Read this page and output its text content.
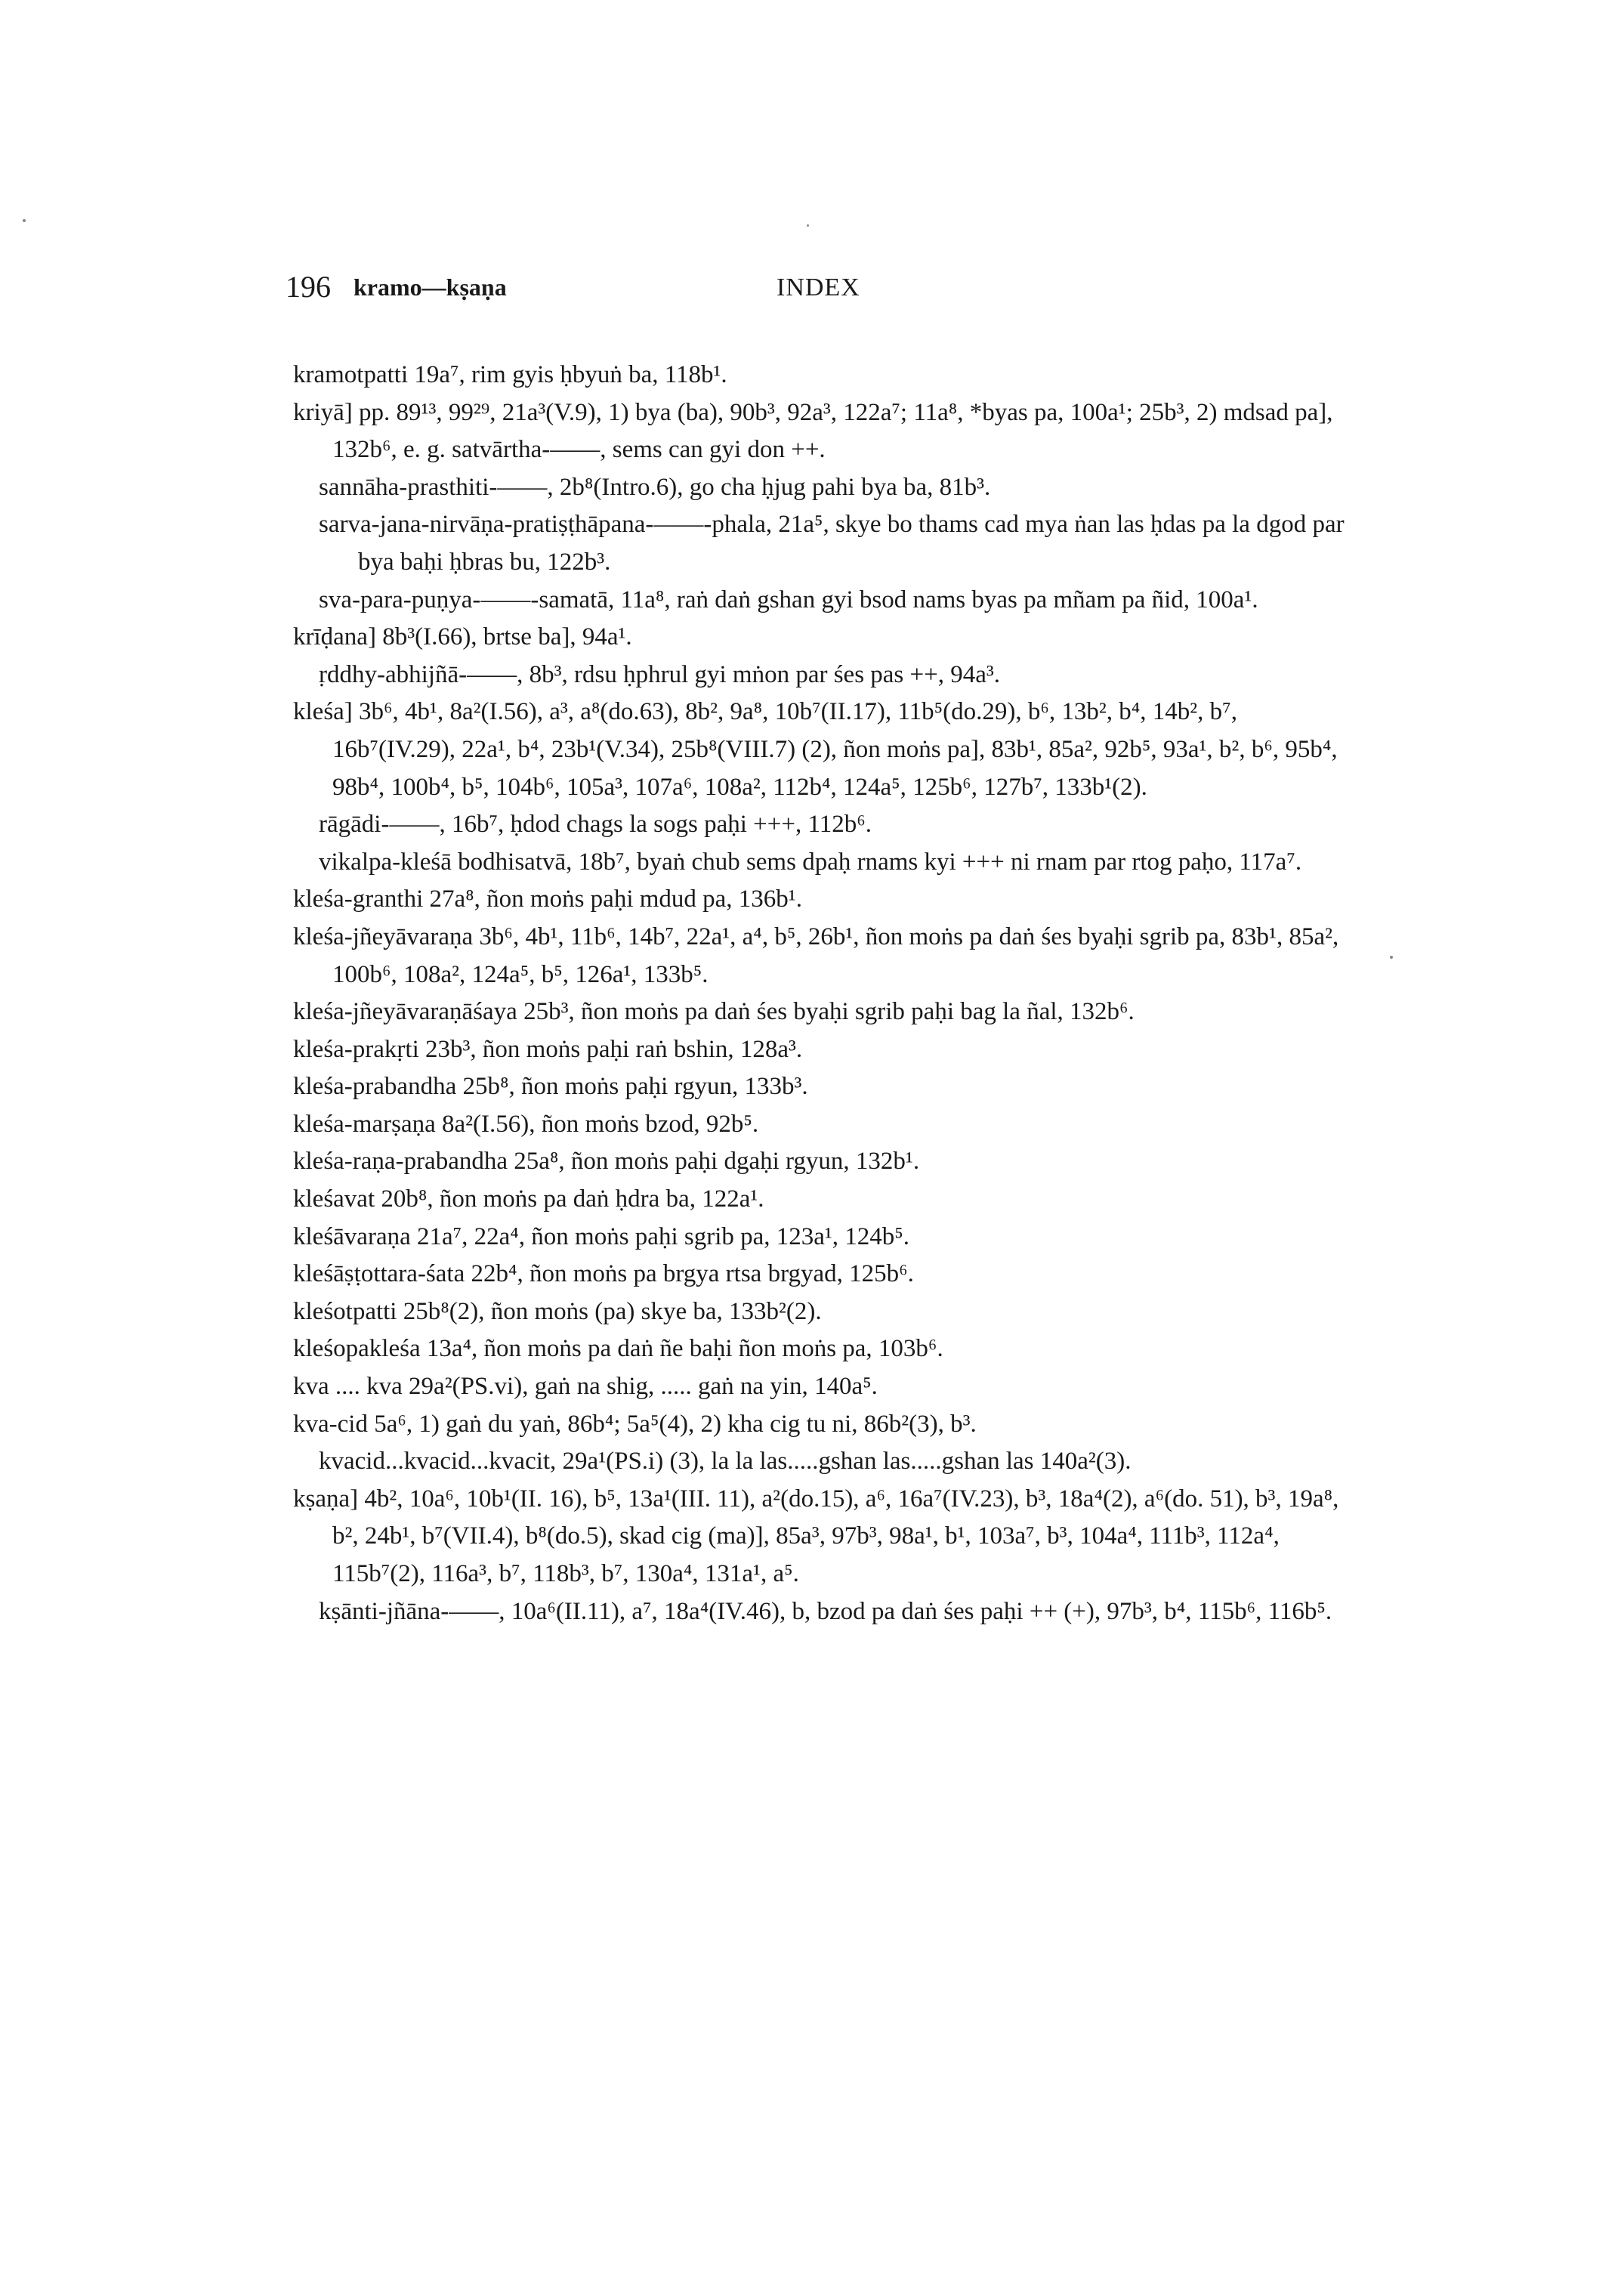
196 kramo—kṣaṇa	INDEX

kramotpatti 19a⁷, rim gyis ḥbyuṅ ba, 118b¹.

kriyā] pp. 89¹³, 99²⁹, 21a³(V.9), 1) bya (ba), 90b³, 92a³, 122a⁷; 11a⁸, *byas pa, 100a¹; 25b³, 2) mdsad pa], 132b⁶, e. g. satvārtha-——, sems can gyi don ++.

sannāha-prasthiti-——, 2b⁸(Intro.6), go cha ḥjug pahi bya ba, 81b³.

sarva-jana-nirvāṇa-pratiṣṭhāpana-——-phala, 21a⁵, skye bo thams cad mya ṅan las ḥdas pa la dgod par bya baḥi ḥbras bu, 122b³.

sva-para-puṇya-——-samatā, 11a⁸, raṅ daṅ gshan gyi bsod nams byas pa mñam pa ñid, 100a¹.

krīḍana] 8b³(I.66), brtse ba], 94a¹.

ṛddhy-abhijñā-——, 8b³, rdsu ḥphrul gyi mṅon par śes pas ++, 94a³.

kleśa] 3b⁶, 4b¹, 8a²(I.56), a³, a⁸(do.63), 8b², 9a⁸, 10b⁷(II.17), 11b⁵(do.29), b⁶, 13b², b⁴, 14b², b⁷, 16b⁷(IV.29), 22a¹, b⁴, 23b¹(V.34), 25b⁸(VIII.7) (2), ñon moṅs pa], 83b¹, 85a², 92b⁵, 93a¹, b², b⁶, 95b⁴, 98b⁴, 100b⁴, b⁵, 104b⁶, 105a³, 107a⁶, 108a², 112b⁴, 124a⁵, 125b⁶, 127b⁷, 133b¹(2).

rāgādi-——, 16b⁷, ḥdod chags la sogs paḥi +++, 112b⁶.

vikalpa-kleśā bodhisatvā, 18b⁷, byaṅ chub sems dpaḥ rnams kyi +++ ni rnam par rtog paḥo, 117a⁷.

kleśa-granthi 27a⁸, ñon moṅs paḥi mdud pa, 136b¹.

kleśa-jñeyāvaraṇa 3b⁶, 4b¹, 11b⁶, 14b⁷, 22a¹, a⁴, b⁵, 26b¹, ñon moṅs pa daṅ śes byaḥi sgrib pa, 83b¹, 85a², 100b⁶, 108a², 124a⁵, b⁵, 126a¹, 133b⁵.

kleśa-jñeyāvaraṇāśaya 25b³, ñon moṅs pa daṅ śes byaḥi sgrib paḥi bag la ñal, 132b⁶.

kleśa-prakṛti 23b³, ñon moṅs paḥi raṅ bshin, 128a³.

kleśa-prabandha 25b⁸, ñon moṅs paḥi rgyun, 133b³.

kleśa-marṣaṇa 8a²(I.56), ñon moṅs bzod, 92b⁵.

kleśa-raṇa-prabandha 25a⁸, ñon moṅs paḥi dgaḥi rgyun, 132b¹.

kleśavat 20b⁸, ñon moṅs pa daṅ ḥdra ba, 122a¹.

kleśāvaraṇa 21a⁷, 22a⁴, ñon moṅs paḥi sgrib pa, 123a¹, 124b⁵.

kleśāṣṭottara-śata 22b⁴, ñon moṅs pa brgya rtsa brgyad, 125b⁶.

kleśotpatti 25b⁸(2), ñon moṅs (pa) skye ba, 133b²(2).

kleśopakleśa 13a⁴, ñon moṅs pa daṅ ñe baḥi ñon moṅs pa, 103b⁶.

kva .... kva 29a²(PS.vi), gaṅ na shig, ..... gaṅ na yin, 140a⁵.

kva-cid 5a⁶, 1) gaṅ du yaṅ, 86b⁴; 5a⁵(4), 2) kha cig tu ni, 86b²(3), b³.

kvacid...kvacid...kvacit, 29a¹(PS.i) (3), la la las.....gshan las.....gshan las 140a²(3).

kṣaṇa] 4b², 10a⁶, 10b¹(II. 16), b⁵, 13a¹(III. 11), a²(do.15), a⁶, 16a⁷(IV.23), b³, 18a⁴(2), a⁶(do. 51), b³, 19a⁸, b², 24b¹, b⁷(VII.4), b⁸(do.5), skad cig (ma)], 85a³, 97b³, 98a¹, b¹, 103a⁷, b³, 104a⁴, 111b³, 112a⁴, 115b⁷(2), 116a³, b⁷, 118b³, b⁷, 130a⁴, 131a¹, a⁵.

kṣānti-jñāna-——, 10a⁶(II.11), a⁷, 18a⁴(IV.46), b, bzod pa daṅ śes paḥi ++ (+), 97b³, b⁴, 115b⁶, 116b⁵.
